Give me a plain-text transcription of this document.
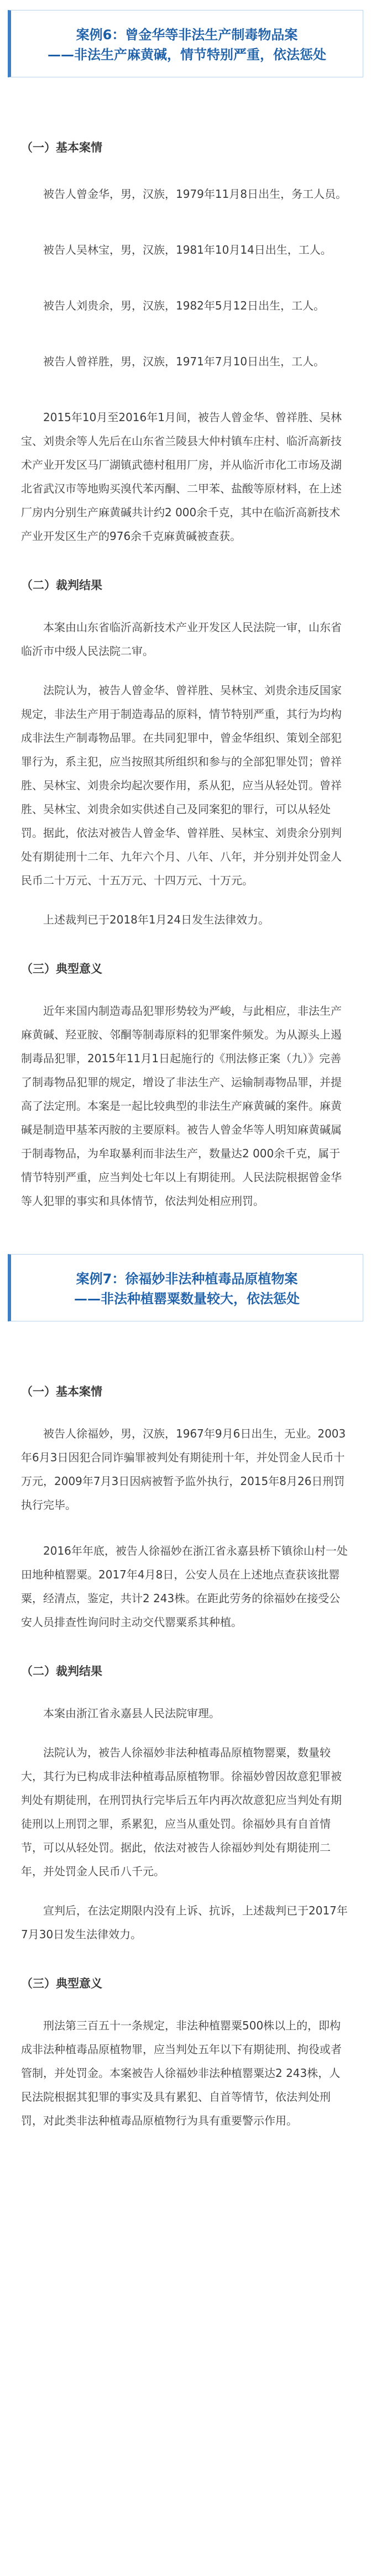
案例6：曾金华等非法生产制毒物品案

——非法生产麻黄碱，情节特别严重，依法惩处

（一）基本案情

被告人曾金华，男，汉族，1979年11月8日出生，务工人员。

被告人吴林宝，男，汉族，1981年10月14日出生，工人。

被告人刘贵余，男，汉族，1982年5月12日出生，工人。

被告人曾祥胜，男，汉族，1971年7月10日出生，工人。

2015年10月至2016年1月间，被告人曾金华、曾祥胜、吴林宝、刘贵余等人先后在山东省兰陵县大仲村镇车庄村、临沂高新技术产业开发区马厂湖镇武德村租用厂房，并从临沂市化工市场及湖北省武汉市等地购买溴代苯丙酮、二甲苯、盐酸等原材料，在上述厂房内分别生产麻黄碱共计约2 000余千克，其中在临沂高新技术产业开发区生产的976余千克麻黄碱被查获。

（二）裁判结果

本案由山东省临沂高新技术产业开发区人民法院一审，山东省临沂市中级人民法院二审。

法院认为，被告人曾金华、曾祥胜、吴林宝、刘贵余违反国家规定，非法生产用于制造毒品的原料，情节特别严重，其行为均构成非法生产制毒物品罪。在共同犯罪中，曾金华组织、策划全部犯罪行为，系主犯，应当按照其所组织和参与的全部犯罪处罚；曾祥胜、吴林宝、刘贵余均起次要作用，系从犯，应当从轻处罚。曾祥胜、吴林宝、刘贵余如实供述自己及同案犯的罪行，可以从轻处罚。据此，依法对被告人曾金华、曾祥胜、吴林宝、刘贵余分别判处有期徒刑十二年、九年六个月、八年、八年，并分别并处罚金人民币二十万元、十五万元、十四万元、十万元。

上述裁判已于2018年1月24日发生法律效力。

（三）典型意义

近年来国内制造毒品犯罪形势较为严峻，与此相应，非法生产麻黄碱、羟亚胺、邻酮等制毒原料的犯罪案件频发。为从源头上遏制毒品犯罪，2015年11月1日起施行的《刑法修正案（九）》完善了制毒物品犯罪的规定，增设了非法生产、运输制毒物品罪，并提高了法定刑。本案是一起比较典型的非法生产麻黄碱的案件。麻黄碱是制造甲基苯丙胺的主要原料。被告人曾金华等人明知麻黄碱属于制毒物品，为牟取暴利而非法生产，数量达2 000余千克，属于情节特别严重，应当判处七年以上有期徒刑。人民法院根据曾金华等人犯罪的事实和具体情节，依法判处相应刑罚。

案例7：徐福妙非法种植毒品原植物案

——非法种植罂粟数量较大，依法惩处

（一）基本案情

被告人徐福妙，男，汉族，1967年9月6日出生，无业。2003年6月3日因犯合同诈骗罪被判处有期徒刑十年，并处罚金人民币十万元，2009年7月3日因病被暂予监外执行，2015年8月26日刑罚执行完毕。

2016年年底，被告人徐福妙在浙江省永嘉县桥下镇徐山村一处田地种植罂粟。2017年4月8日，公安人员在上述地点查获该批罂粟，经清点，鉴定，共计2 243株。在距此劳务的徐福妙在接受公安人员排查性询问时主动交代罂粟系其种植。

（二）裁判结果

本案由浙江省永嘉县人民法院审理。

法院认为，被告人徐福妙非法种植毒品原植物罂粟，数量较大，其行为已构成非法种植毒品原植物罪。徐福妙曾因故意犯罪被判处有期徒刑，在刑罚执行完毕后五年内再次故意犯应当判处有期徒刑以上刑罚之罪，系累犯，应当从重处罚。徐福妙具有自首情节，可以从轻处罚。据此，依法对被告人徐福妙判处有期徒刑二年，并处罚金人民币八千元。

宣判后，在法定期限内没有上诉、抗诉，上述裁判已于2017年7月30日发生法律效力。

（三）典型意义

刑法第三百五十一条规定，非法种植罂粟500株以上的，即构成非法种植毒品原植物罪，应当判处五年以下有期徒刑、拘役或者管制，并处罚金。本案被告人徐福妙非法种植罂粟达2 243株，人民法院根据其犯罪的事实及具有累犯、自首等情节，依法判处刑罚，对此类非法种植毒品原植物行为具有重要警示作用。
